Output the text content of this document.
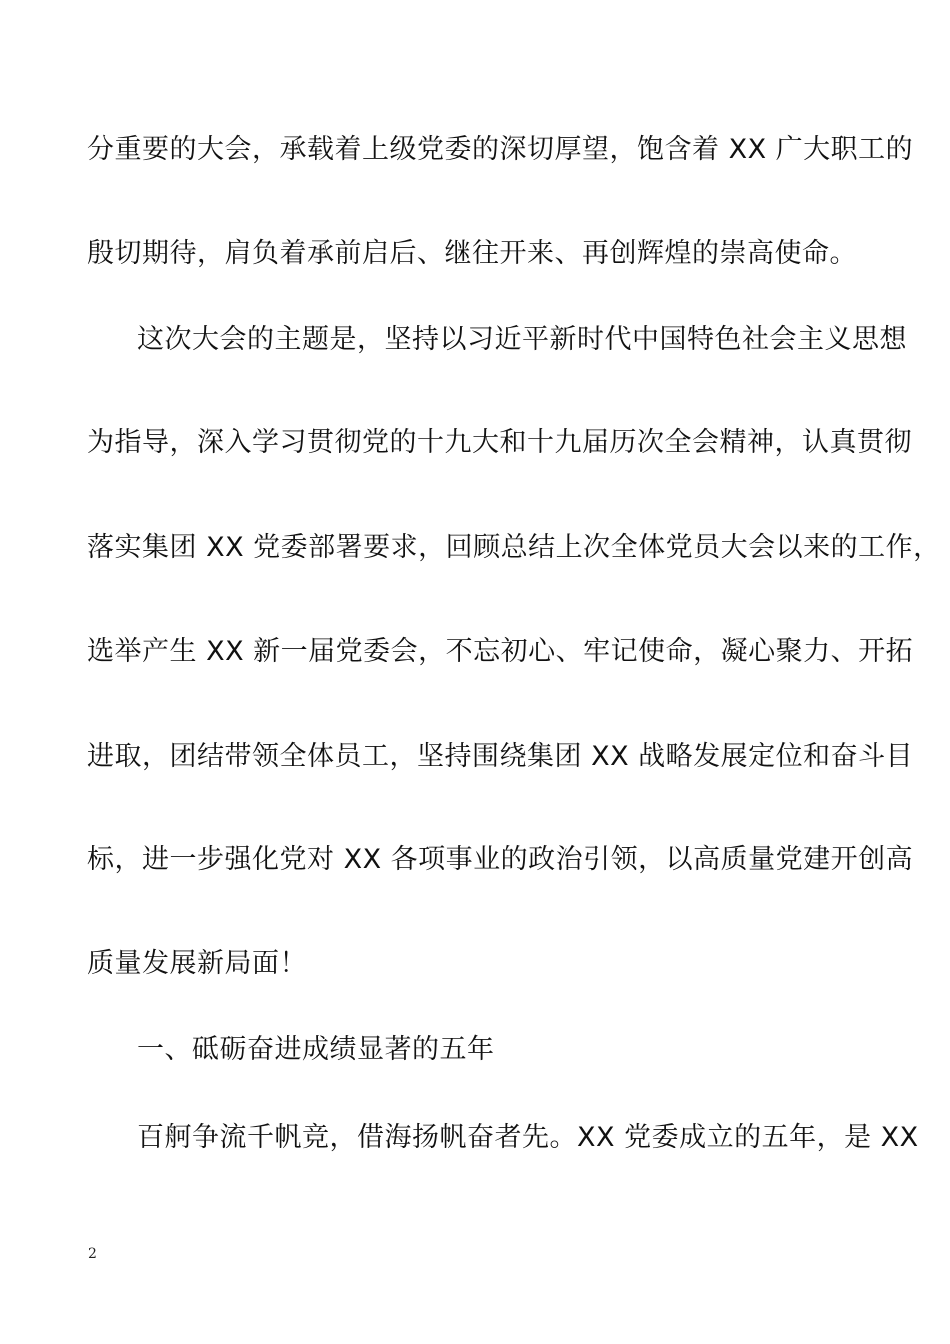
分重要的大会，承载着上级党委的深切厚望，饱含着 XX 广大职工的
殷切期待，肩负着承前启后、继往开来、再创辉煌的崇高使命。
这次大会的主题是，坚持以习近平新时代中国特色社会主义思想
为指导，深入学习贯彻党的十九大和十九届历次全会精神，认真贯彻
落实集团 XX 党委部署要求，回顾总结上次全体党员大会以来的工作，
选举产生 XX 新一届党委会，不忘初心、牢记使命，凝心聚力、开拓
进取，团结带领全体员工，坚持围绕集团 XX 战略发展定位和奋斗目
标，进一步强化党对 XX 各项事业的政治引领，以高质量党建开创高
质量发展新局面！
一、砥砺奋进成绩显著的五年
百舸争流千帆竞，借海扬帆奋者先。XX 党委成立的五年，是 XX
2
